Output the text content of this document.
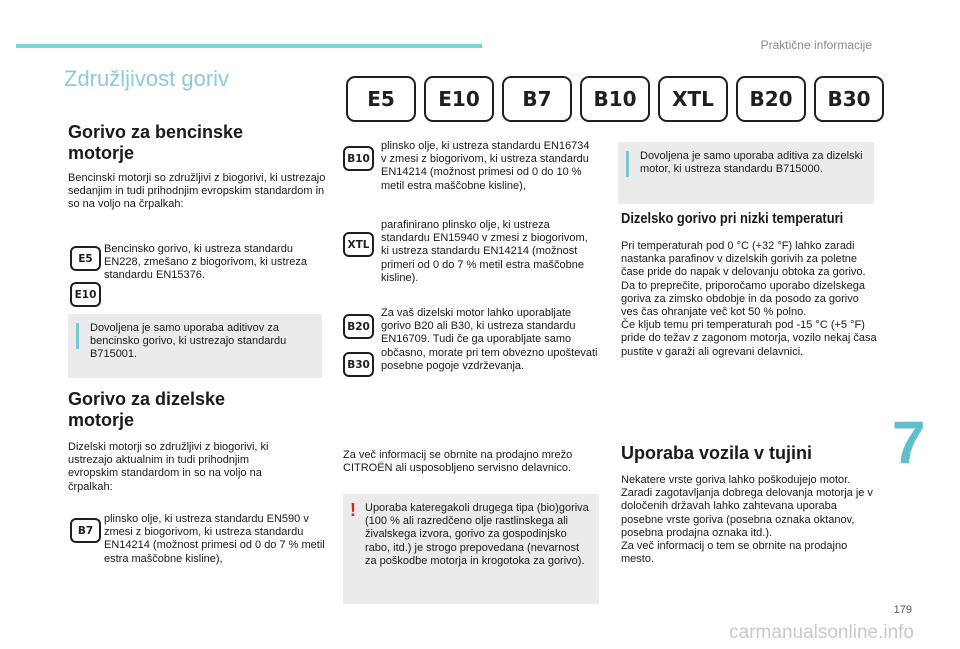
Praktične informacije
Združljivost goriv
E5	E10	B7	B10	XTL	B20	B30
Gorivo za bencinske motorje
Bencinski motorji so združljivi z biogorivi, ki ustrezajo sedanjim in tudi prihodnjim evropskim standardom in so na voljo na črpalkah:
E5
E10
Bencinsko gorivo, ki ustreza standardu EN228, zmešano z biogorivom, ki ustreza standardu EN15376.
Dovoljena je samo uporaba aditivov za bencinsko gorivo, ki ustrezajo standardu B715001.
Gorivo za dizelske motorje
Dizelski motorji so združljivi z biogorivi, ki ustrezajo aktualnim in tudi prihodnjim evropskim standardom in so na voljo na črpalkah:
B7
plinsko olje, ki ustreza standardu EN590 v zmesi z biogorivom, ki ustreza standardu EN14214 (možnost primesi od 0 do 7 % metil estra maščobne kisline),
B10
plinsko olje, ki ustreza standardu EN16734 v zmesi z biogorivom, ki ustreza standardu EN14214 (možnost primesi od 0 do 10 % metil estra maščobne kisline),
XTL
parafinirano plinsko olje, ki ustreza standardu EN15940 v zmesi z biogorivom, ki ustreza standardu EN14214 (možnost primeri od 0 do 7 % metil estra maščobne kisline).
B20
B30
Za vaš dizelski motor lahko uporabljate gorivo B20 ali B30, ki ustreza standardu EN16709. Tudi če ga uporabljate samo občasno, morate pri tem obvezno upoštevati posebne pogoje vzdrževanja.
Za več informacij se obrnite na prodajno mrežo CITROËN ali usposobljeno servisno delavnico.
! Uporaba kateregakoli drugega tipa (bio)goriva (100 % ali razredčeno olje rastlinskega ali živalskega izvora, gorivo za gospodinjsko rabo, itd.) je strogo prepovedana (nevarnost za poškodbe motorja in krogotoka za gorivo).
Dovoljena je samo uporaba aditiva za dizelski motor, ki ustreza standardu B715000.
Dizelsko gorivo pri nizki temperaturi
Pri temperaturah pod 0 °C (+32 °F) lahko zaradi nastanka parafinov v dizelskih gorivih za poletne čase pride do napak v delovanju obtoka za gorivo. Da to preprečite, priporočamo uporabo dizelskega goriva za zimsko obdobje in da posodo za gorivo ves čas ohranjate več kot 50 % polno.
Če kljub temu pri temperaturah pod -15 °C (+5 °F) pride do težav z zagonom motorja, vozilo nekaj časa pustite v garaži ali ogrevani delavnici.
Uporaba vozila v tujini
Nekatere vrste goriva lahko poškodujejo motor. Zaradi zagotavljanja dobrega delovanja motorja je v določenih državah lahko zahtevana uporaba posebne vrste goriva (posebna oznaka oktanov, posebna prodajna oznaka itd.).
Za več informacij o tem se obrnite na prodajno mesto.
7
179
carmanualsonline.info
